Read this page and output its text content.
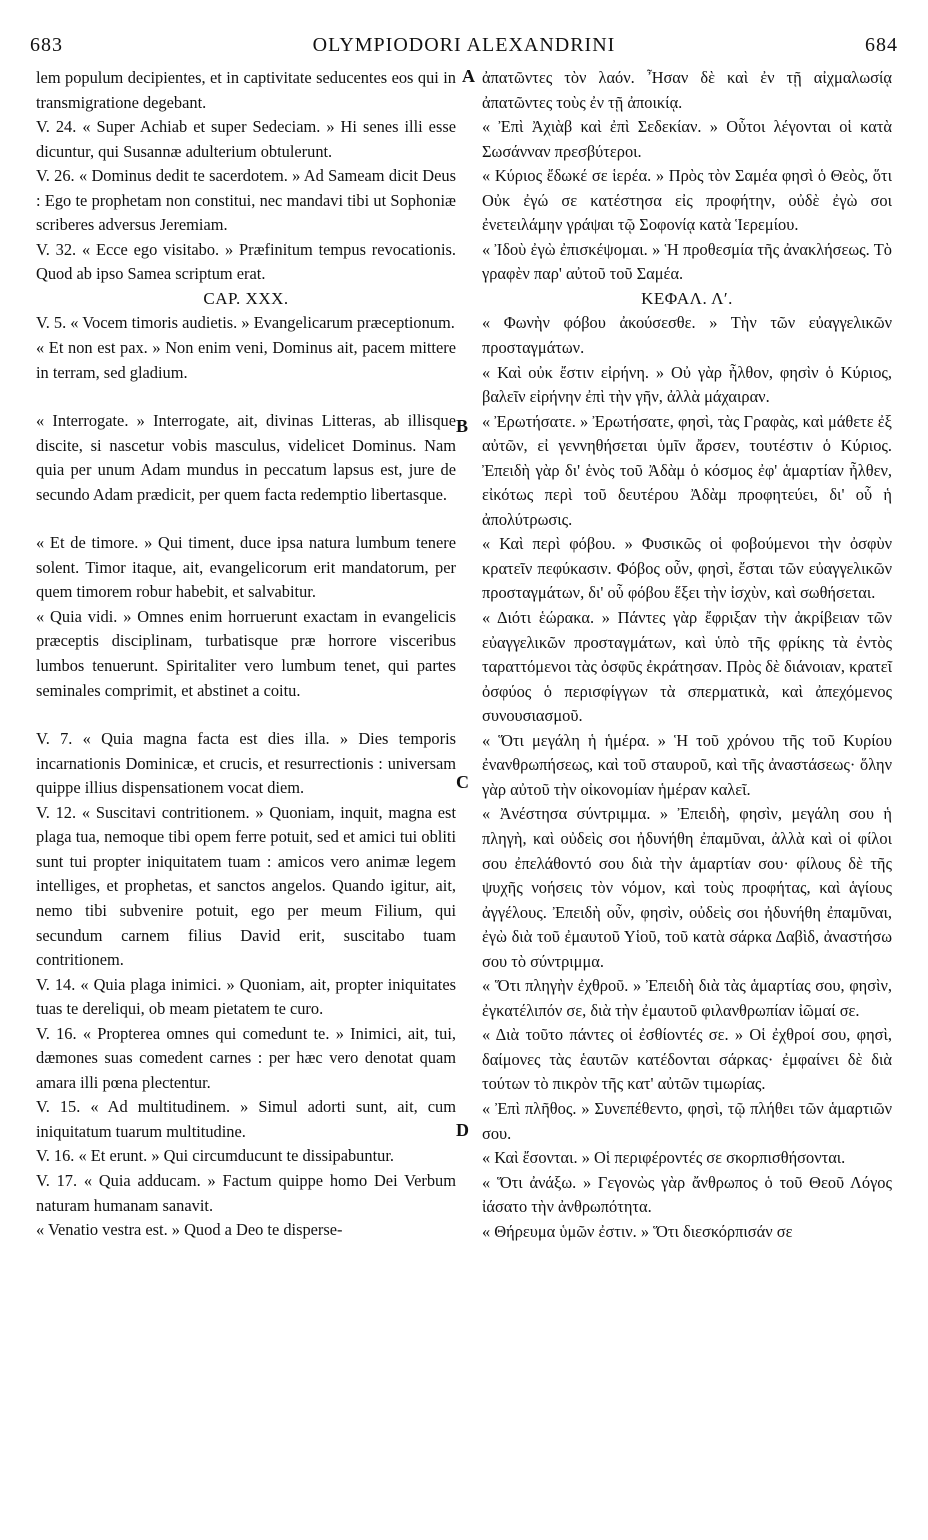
683	OLYMPIODORI ALEXANDRINI	684

lem populum decipientes, et in captivitate seducentes eos qui in transmigratione degebant.

V. 24. « Super Achiab et super Sedeciam. » Hi senes illi esse dicuntur, qui Susannæ adulterium obtulerunt.

V. 26. « Dominus dedit te sacerdotem. » Ad Sameam dicit Deus : Ego te prophetam non constitui, nec mandavi tibi ut Sophoniæ scriberes adversus Jeremiam.

V. 32. « Ecce ego visitabo. » Præfinitum tempus revocationis. Quod ab ipso Samea scriptum erat.

CAP. XXX.

V. 5. « Vocem timoris audietis. » Evangelicarum præceptionum.

« Et non est pax. » Non enim veni, Dominus ait, pacem mittere in terram, sed gladium.

« Interrogate. » Interrogate, ait, divinas Litteras, ab illisque discite, si nascetur vobis masculus, videlicet Dominus. Nam quia per unum Adam mundus in peccatum lapsus est, jure de secundo Adam prædicit, per quem facta redemptio libertasque.

« Et de timore. » Qui timent, duce ipsa natura lumbum tenere solent. Timor itaque, ait, evangelicorum erit mandatorum, per quem timorem robur habebit, et salvabitur.

« Quia vidi. » Omnes enim horruerunt exactam in evangelicis præceptis disciplinam, turbatisque præ horrore visceribus lumbos tenuerunt. Spiritaliter vero lumbum tenet, qui partes seminales comprimit, et abstinet a coitu.

V. 7. « Quia magna facta est dies illa. » Dies temporis incarnationis Dominicæ, et crucis, et resurrectionis : universam quippe illius dispensationem vocat diem.

V. 12. « Suscitavi contritionem. » Quoniam, inquit, magna est plaga tua, nemoque tibi opem ferre potuit, sed et amici tui obliti sunt tui propter iniquitatem tuam : amicos vero animæ legem intelliges, et prophetas, et sanctos angelos. Quando igitur, ait, nemo tibi subvenire potuit, ego per meum Filium, qui secundum carnem filius David erit, suscitabo tuam contritionem.

V. 14. « Quia plaga inimici. » Quoniam, ait, propter iniquitates tuas te dereliqui, ob meam pietatem te curo.

V. 16. « Propterea omnes qui comedunt te. » Inimici, ait, tui, dæmones suas comedent carnes : per hæc vero denotat quam amara illi pœna plectentur.

V. 15. « Ad multitudinem. » Simul adorti sunt, ait, cum iniquitatum tuarum multitudine.

V. 16. « Et erunt. » Qui circumducunt te dissipabuntur.

V. 17. « Quia adducam. » Factum quippe homo Dei Verbum naturam humanam sanavit.

« Venatio vestra est. » Quod a Deo te disperse-

A
B
C
D

ἀπατῶντες τὸν λαόν. Ἦσαν δὲ καὶ ἐν τῇ αἰχμαλωσίᾳ ἀπατῶντες τοὺς ἐν τῇ ἀποικίᾳ.

« Ἐπὶ Ἀχιὰβ καὶ ἐπὶ Σεδεκίαν. » Οὗτοι λέγονται οἱ κατὰ Σωσάνναν πρεσβύτεροι.

« Κύριος ἔδωκέ σε ἱερέα. » Πρὸς τὸν Σαμέα φησὶ ὁ Θεὸς, ὅτι Οὐκ ἐγώ σε κατέστησα εἰς προφήτην, οὐδὲ ἐγὼ σοι ἐνετειλάμην γράψαι τῷ Σοφονίᾳ κατὰ Ἱερεμίου.

« Ἰδοὺ ἐγὼ ἐπισκέψομαι. » Ἡ προθεσμία τῆς ἀνακλήσεως. Τὸ γραφὲν παρ' αὐτοῦ τοῦ Σαμέα.

ΚΕΦΑΛ. Λʹ.

« Φωνὴν φόβου ἀκούσεσθε. » Τὴν τῶν εὐαγγελικῶν προσταγμάτων.

« Καὶ οὐκ ἔστιν εἰρήνη. » Οὐ γὰρ ἦλθον, φησὶν ὁ Κύριος, βαλεῖν εἰρήνην ἐπὶ τὴν γῆν, ἀλλὰ μάχαιραν.

« Ἐρωτήσατε. » Ἐρωτήσατε, φησὶ, τὰς Γραφὰς, καὶ μάθετε ἐξ αὐτῶν, εἰ γεννηθήσεται ὑμῖν ἄρσεν, τουτέστιν ὁ Κύριος. Ἐπειδὴ γὰρ δι' ἑνὸς τοῦ Ἀδὰμ ὁ κόσμος ἐφ' ἁμαρτίαν ἦλθεν, εἰκότως περὶ τοῦ δευτέρου Ἀδὰμ προφητεύει, δι' οὗ ἡ ἀπολύτρωσις.

« Καὶ περὶ φόβου. » Φυσικῶς οἱ φοβούμενοι τὴν ὀσφὺν κρατεῖν πεφύκασιν. Φόβος οὖν, φησὶ, ἔσται τῶν εὐαγγελικῶν προσταγμάτων, δι' οὗ φόβου ἕξει τὴν ἰσχὺν, καὶ σωθήσεται.

« Διότι ἑώρακα. » Πάντες γὰρ ἔφριξαν τὴν ἀκρίβειαν τῶν εὐαγγελικῶν προσταγμάτων, καὶ ὑπὸ τῆς φρίκης τὰ ἐντὸς ταραττόμενοι τὰς ὀσφῦς ἐκράτησαν. Πρὸς δὲ διάνοιαν, κρατεῖ ὀσφύος ὁ περισφίγγων τὰ σπερματικὰ, καὶ ἀπεχόμενος συνουσιασμοῦ.

« Ὅτι μεγάλη ἡ ἡμέρα. » Ἡ τοῦ χρόνου τῆς τοῦ Κυρίου ἐνανθρωπήσεως, καὶ τοῦ σταυροῦ, καὶ τῆς ἀναστάσεως· ὅλην γὰρ αὐτοῦ τὴν οἰκονομίαν ἡμέραν καλεῖ.

« Ἀνέστησα σύντριμμα. » Ἐπειδὴ, φησὶν, μεγάλη σου ἡ πληγὴ, καὶ οὐδεὶς σοι ἠδυνήθη ἐπαμῦναι, ἀλλὰ καὶ οἱ φίλοι σου ἐπελάθοντό σου διὰ τὴν ἁμαρτίαν σου· φίλους δὲ τῆς ψυχῆς νοήσεις τὸν νόμον, καὶ τοὺς προφήτας, καὶ ἁγίους ἀγγέλους. Ἐπειδὴ οὖν, φησὶν, οὐδεὶς σοι ἠδυνήθη ἐπαμῦναι, ἐγὼ διὰ τοῦ ἐμαυτοῦ Υἱοῦ, τοῦ κατὰ σάρκα Δαβὶδ, ἀναστήσω σου τὸ σύντριμμα.

« Ὅτι πληγὴν ἐχθροῦ. » Ἐπειδὴ διὰ τὰς ἁμαρτίας σου, φησὶν, ἐγκατέλιπόν σε, διὰ τὴν ἐμαυτοῦ φιλανθρωπίαν ἰῶμαί σε.

« Διὰ τοῦτο πάντες οἱ ἐσθίοντές σε. » Οἱ ἐχθροί σου, φησὶ, δαίμονες τὰς ἑαυτῶν κατέδονται σάρκας· ἐμφαίνει δὲ διὰ τούτων τὸ πικρὸν τῆς κατ' αὐτῶν τιμωρίας.

« Ἐπὶ πλῆθος. » Συνεπέθεντο, φησὶ, τῷ πλήθει τῶν ἁμαρτιῶν σου.

« Καὶ ἔσονται. » Οἱ περιφέροντές σε σκορπισθήσονται.

« Ὅτι ἀνάξω. » Γεγονὼς γὰρ ἄνθρωπος ὁ τοῦ Θεοῦ Λόγος ἰάσατο τὴν ἀνθρωπότητα.

« Θήρευμα ὑμῶν ἐστιν. » Ὅτι διεσκόρπισάν σε
